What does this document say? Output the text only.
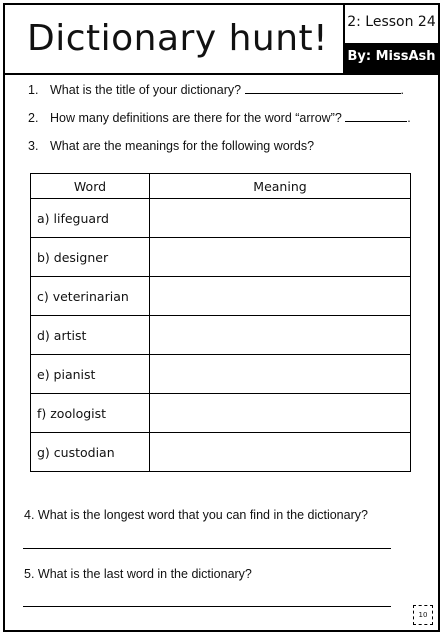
Dictionary hunt! 2: Lesson 24
By: MissAsh
1. What is the title of your dictionary?	.
2. How many definitions are there for the word “arrow”?	.
3. What are the meanings for the following words?
Word	Meaning
a) lifeguard	
b) designer	
c) veterinarian	
d) artist	
e) pianist	
f) zoologist	
g) custodian	
4. What is the longest word that you can find in the dictionary?
5. What is the last word in the dictionary?
10
